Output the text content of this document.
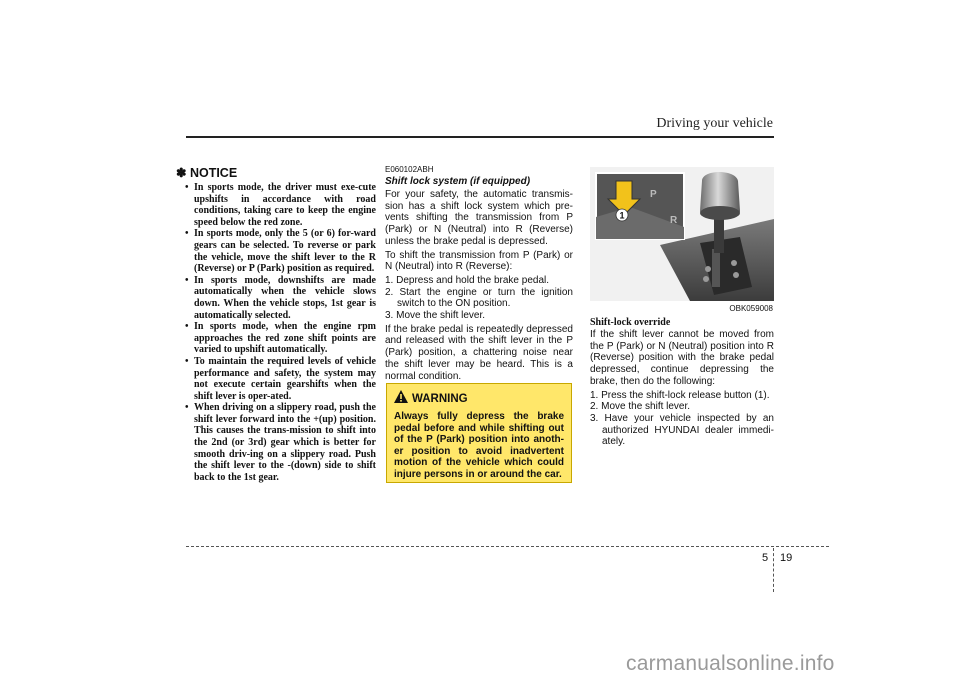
Driving your vehicle
✽ NOTICE
• In sports mode, the driver must exe-cute upshifts in accordance with road conditions, taking care to keep the engine speed below the red zone.
• In sports mode, only the 5 (or 6) for-ward gears can be selected. To reverse or park the vehicle, move the shift lever to the R (Reverse) or P (Park) position as required.
• In sports mode, downshifts are made automatically when the vehicle slows down. When the vehicle stops, 1st gear is automatically selected.
• In sports mode, when the engine rpm approaches the red zone shift points are varied to upshift automatically.
• To maintain the required levels of vehicle performance and safety, the system may not execute certain gearshifts when the shift lever is oper-ated.
• When driving on a slippery road, push the shift lever forward into the +(up) position. This causes the trans-mission to shift into the 2nd (or 3rd) gear which is better for smooth driv-ing on a slippery road. Push the shift lever to the -(down) side to shift back to the 1st gear.
E060102ABH
Shift lock system (if equipped)

For your safety, the automatic transmis-sion has a shift lock system which pre-vents shifting the transmission from P (Park) or N (Neutral) into R (Reverse) unless the brake pedal is depressed.

To shift the transmission from P (Park) or N (Neutral) into R (Reverse):

1. Depress and hold the brake pedal.
2. Start the engine or turn the ignition switch to the ON position.
3. Move the shift lever.

If the brake pedal is repeatedly depressed and released with the shift lever in the P (Park) position, a chattering noise near the shift lever may be heard. This is a normal condition.

WARNING
Always fully depress the brake pedal before and while shifting out of the P (Park) position into anoth-er position to avoid inadvertent motion of the vehicle which could injure persons in or around the car.
P
R
1
OBK059008
Shift-lock override

If the shift lever cannot be moved from the P (Park) or N (Neutral) position into R (Reverse) position with the brake pedal depressed, continue depressing the brake, then do the following:

1. Press the shift-lock release button (1).
2. Move the shift lever.
3. Have your vehicle inspected by an authorized HYUNDAI dealer immedi-ately.
5 19
carmanualsonline.info
